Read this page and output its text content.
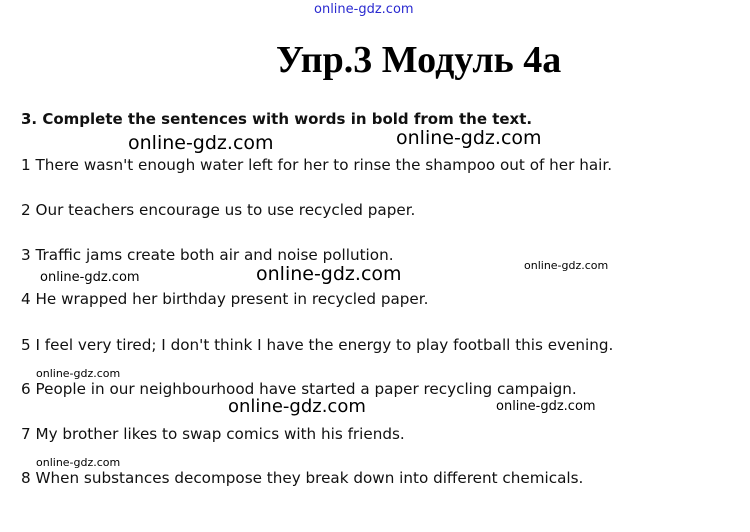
online-gdz.com
Упр.3 Модуль 4a
3. Complete the sentences with words in bold from the text.
1 There wasn't enough water left for her to rinse the shampoo out of her hair.
2 Our teachers encourage us to use recycled paper.
3 Traffic jams create both air and noise pollution.
4 He wrapped her birthday present in recycled paper.
5 I feel very tired; I don't think I have the energy to play football this evening.
6 People in our neighbourhood have started a paper recycling campaign.
7 My brother likes to swap comics with his friends.
8 When substances decompose they break down into different chemicals.
online-gdz.com	online-gdz.com
online-gdz.com	online-gdz.com	online-gdz.com
online-gdz.com
online-gdz.com	online-gdz.com
online-gdz.com
